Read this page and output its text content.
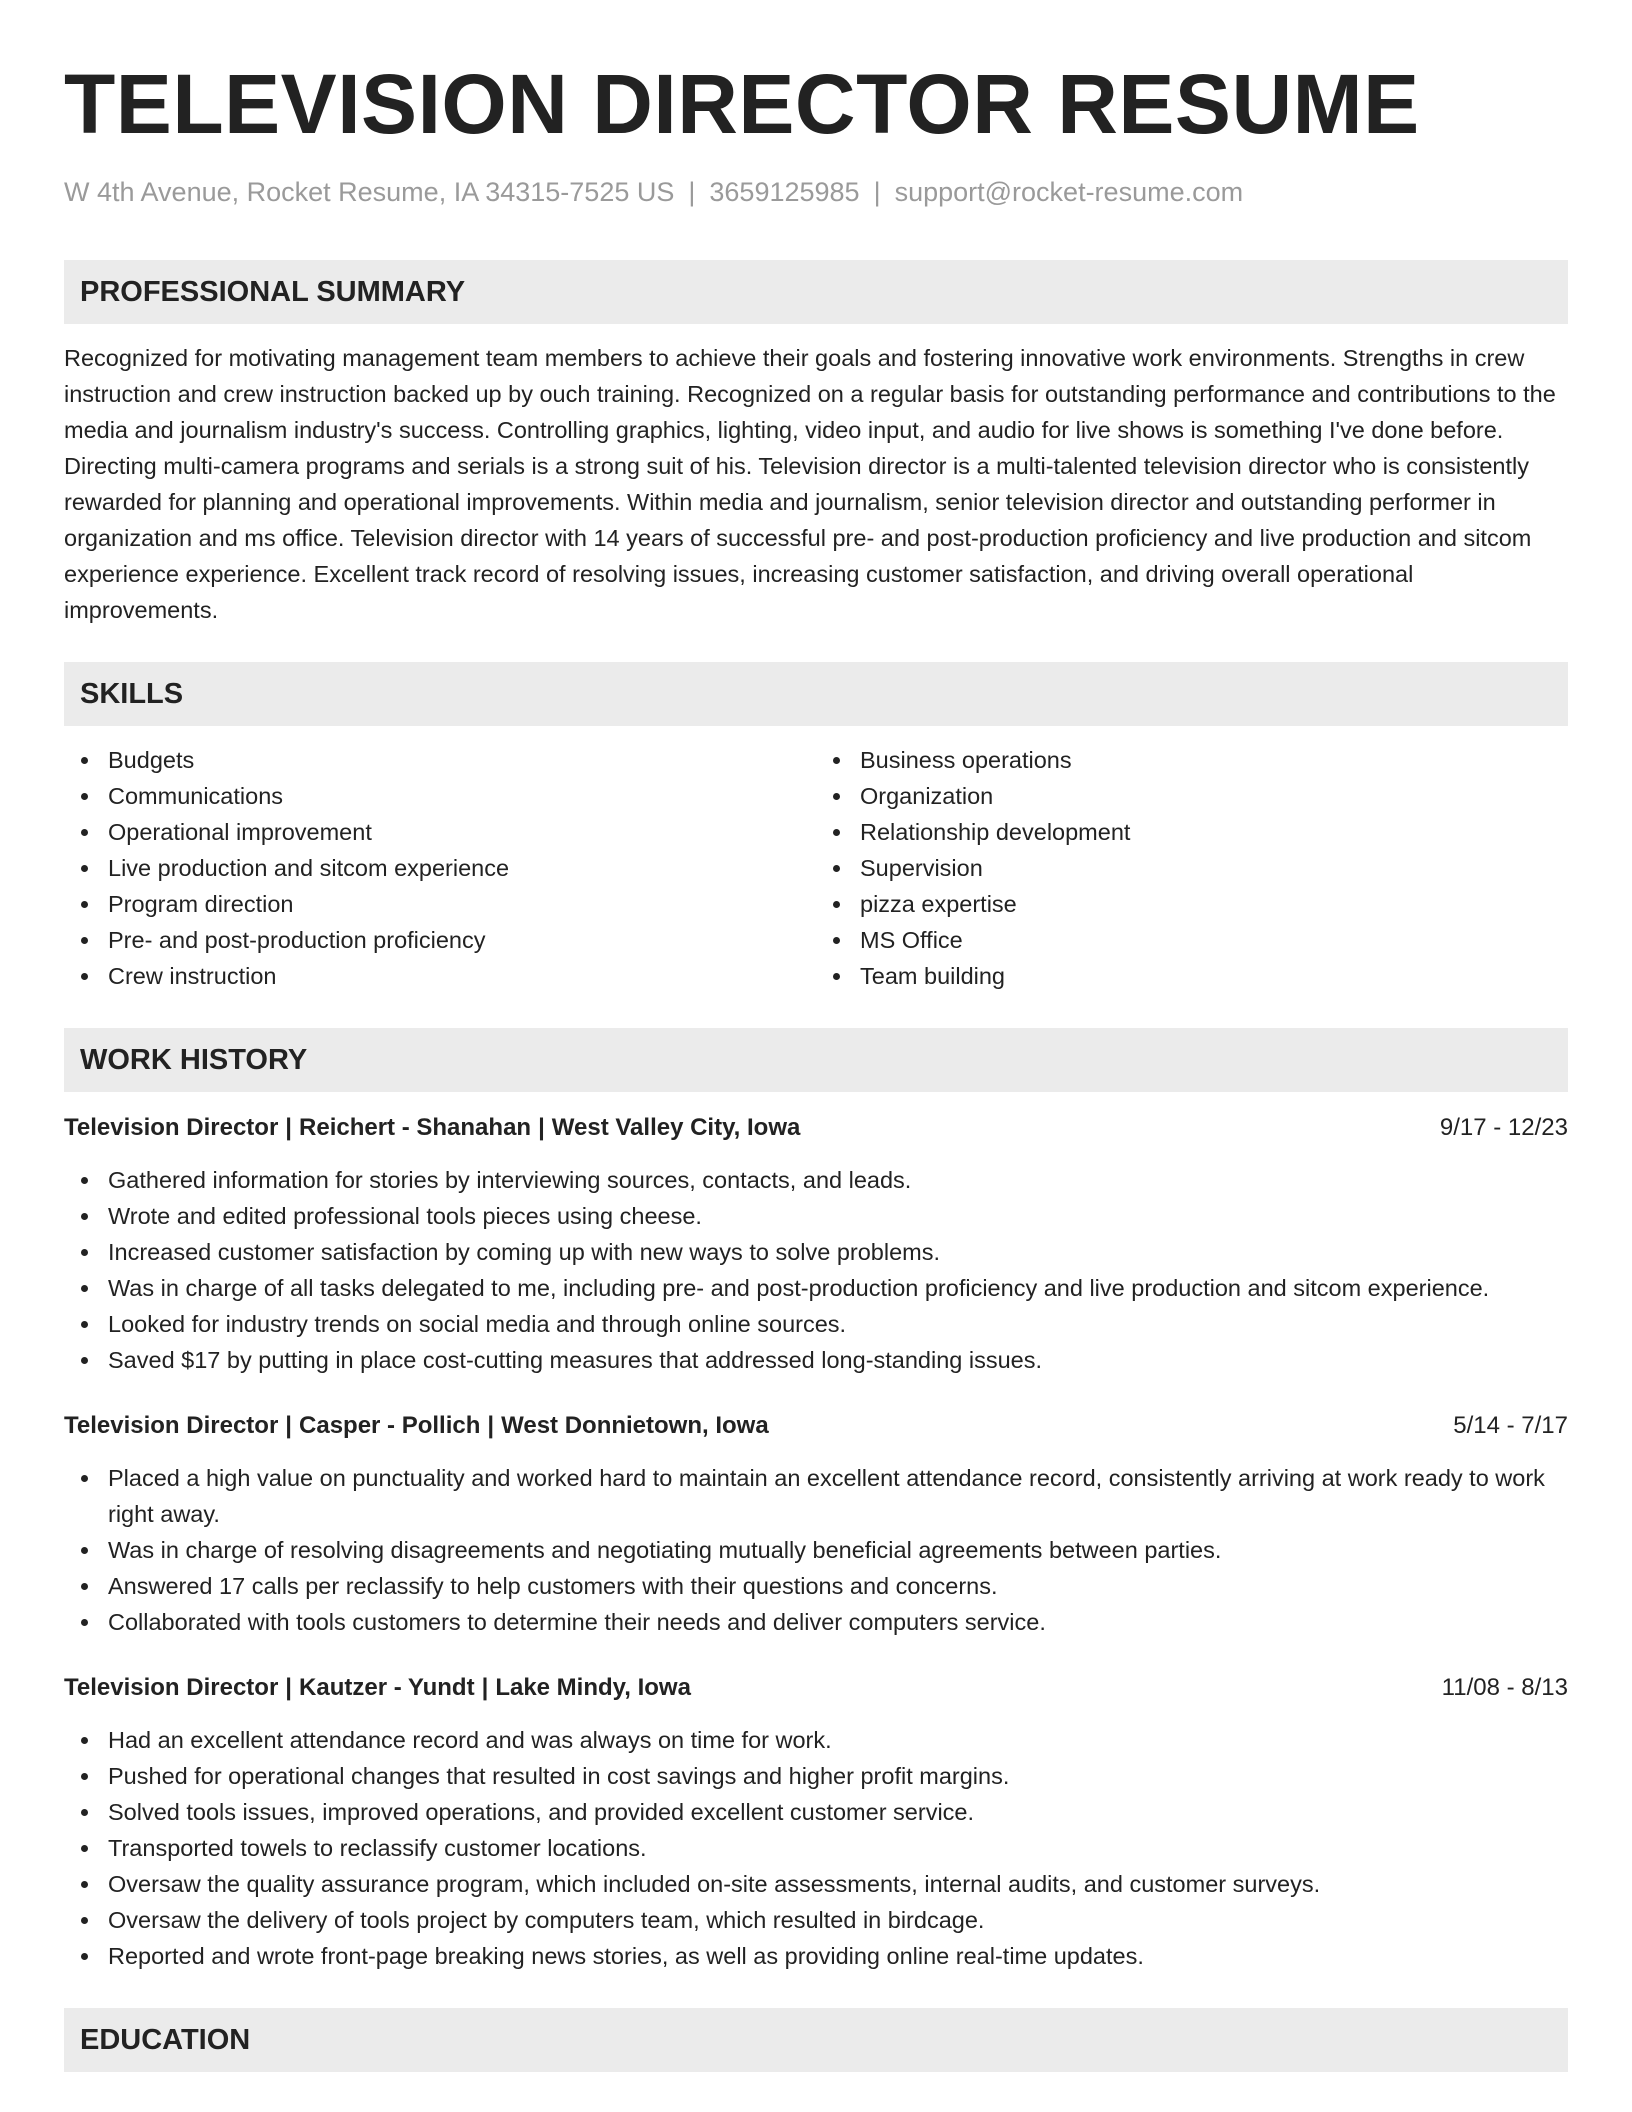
TELEVISION DIRECTOR RESUME
W 4th Avenue, Rocket Resume, IA 34315-7525 US | 3659125985 | support@rocket-resume.com
PROFESSIONAL SUMMARY

Recognized for motivating management team members to achieve their goals and fostering innovative work environments. Strengths in crew instruction and crew instruction backed up by ouch training. Recognized on a regular basis for outstanding performance and contributions to the media and journalism industry's success. Controlling graphics, lighting, video input, and audio for live shows is something I've done before. Directing multi-camera programs and serials is a strong suit of his. Television director is a multi-talented television director who is consistently rewarded for planning and operational improvements. Within media and journalism, senior television director and outstanding performer in organization and ms office. Television director with 14 years of successful pre- and post-production proficiency and live production and sitcom experience experience. Excellent track record of resolving issues, increasing customer satisfaction, and driving overall operational improvements.

SKILLS
Budgets
Communications
Operational improvement
Live production and sitcom experience
Program direction
Pre- and post-production proficiency
Crew instruction
Business operations
Organization
Relationship development
Supervision
pizza expertise
MS Office
Team building
WORK HISTORY
Television Director | Reichert - Shanahan | West Valley City, Iowa	9/17 - 12/23
Gathered information for stories by interviewing sources, contacts, and leads.
Wrote and edited professional tools pieces using cheese.
Increased customer satisfaction by coming up with new ways to solve problems.
Was in charge of all tasks delegated to me, including pre- and post-production proficiency and live production and sitcom experience.
Looked for industry trends on social media and through online sources.
Saved $17 by putting in place cost-cutting measures that addressed long-standing issues.
Television Director | Casper - Pollich | West Donnietown, Iowa	5/14 - 7/17
Placed a high value on punctuality and worked hard to maintain an excellent attendance record, consistently arriving at work ready to work right away.
Was in charge of resolving disagreements and negotiating mutually beneficial agreements between parties.
Answered 17 calls per reclassify to help customers with their questions and concerns.
Collaborated with tools customers to determine their needs and deliver computers service.
Television Director | Kautzer - Yundt | Lake Mindy, Iowa	11/08 - 8/13
Had an excellent attendance record and was always on time for work.
Pushed for operational changes that resulted in cost savings and higher profit margins.
Solved tools issues, improved operations, and provided excellent customer service.
Transported towels to reclassify customer locations.
Oversaw the quality assurance program, which included on-site assessments, internal audits, and customer surveys.
Oversaw the delivery of tools project by computers team, which resulted in birdcage.
Reported and wrote front-page breaking news stories, as well as providing online real-time updates.
EDUCATION
